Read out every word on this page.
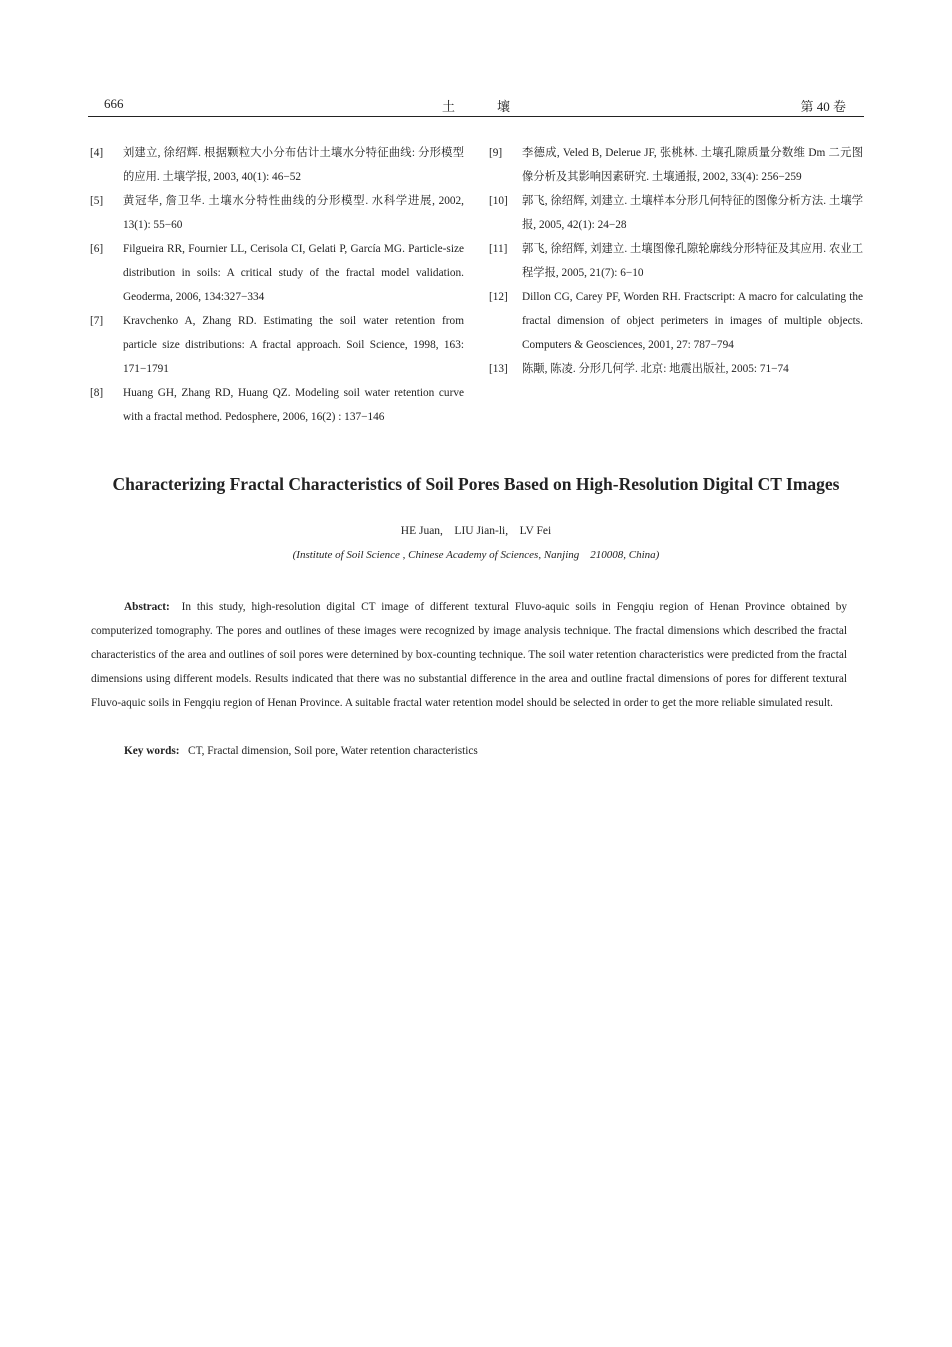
666	土壤	第 40 卷
[4] 刘建立, 徐绍辉. 根据颗粒大小分布估计土壤水分特征曲线: 分形模型的应用. 土壤学报, 2003, 40(1): 46−52
[5] 黄冠华, 詹卫华. 土壤水分特性曲线的分形模型. 水科学进展, 2002, 13(1): 55−60
[6] Filgueira RR, Fournier LL, Cerisola CI, Gelati P, García MG. Particle-size distribution in soils: A critical study of the fractal model validation. Geoderma, 2006, 134:327−334
[7] Kravchenko A, Zhang RD. Estimating the soil water retention from particle size distributions: A fractal approach. Soil Science, 1998, 163: 171−1791
[8] Huang GH, Zhang RD, Huang QZ. Modeling soil water retention curve with a fractal method. Pedosphere, 2006, 16(2) : 137−146
[9] 李德成, Veled B, Delerue JF, 张桃林. 土壤孔隙质量分数维 Dm 二元图像分析及其影响因素研究. 土壤通报, 2002, 33(4): 256−259
[10] 郭飞, 徐绍辉, 刘建立. 土壤样本分形几何特征的图像分析方法. 土壤学报, 2005, 42(1): 24−28
[11] 郭飞, 徐绍辉, 刘建立. 土壤图像孔隙轮廓线分形特征及其应用. 农业工程学报, 2005, 21(7): 6−10
[12] Dillon CG, Carey PF, Worden RH. Fractscript: A macro for calculating the fractal dimension of object perimeters in images of multiple objects. Computers & Geosciences, 2001, 27: 787−794
[13] 陈颙, 陈凌. 分形几何学. 北京: 地震出版社, 2005: 71−74
Characterizing Fractal Characteristics of Soil Pores Based on High-Resolution Digital CT Images
HE Juan,    LIU Jian-li,    LV Fei
(Institute of Soil Science , Chinese Academy of Sciences, Nanjing    210008, China)
Abstract: In this study, high-resolution digital CT image of different textural Fluvo-aquic soils in Fengqiu region of Henan Province obtained by computerized tomography. The pores and outlines of these images were recognized by image analysis technique. The fractal dimensions which described the fractal characteristics of the area and outlines of soil pores were deternined by box-counting technique. The soil water retention characteristics were predicted from the fractal dimensions using different models. Results indicated that there was no substantial difference in the area and outline fractal dimensions of pores for different textural Fluvo-aquic soils in Fengqiu region of Henan Province. A suitable fractal water retention model should be selected in order to get the more reliable simulated result.
Key words: CT, Fractal dimension, Soil pore, Water retention characteristics
